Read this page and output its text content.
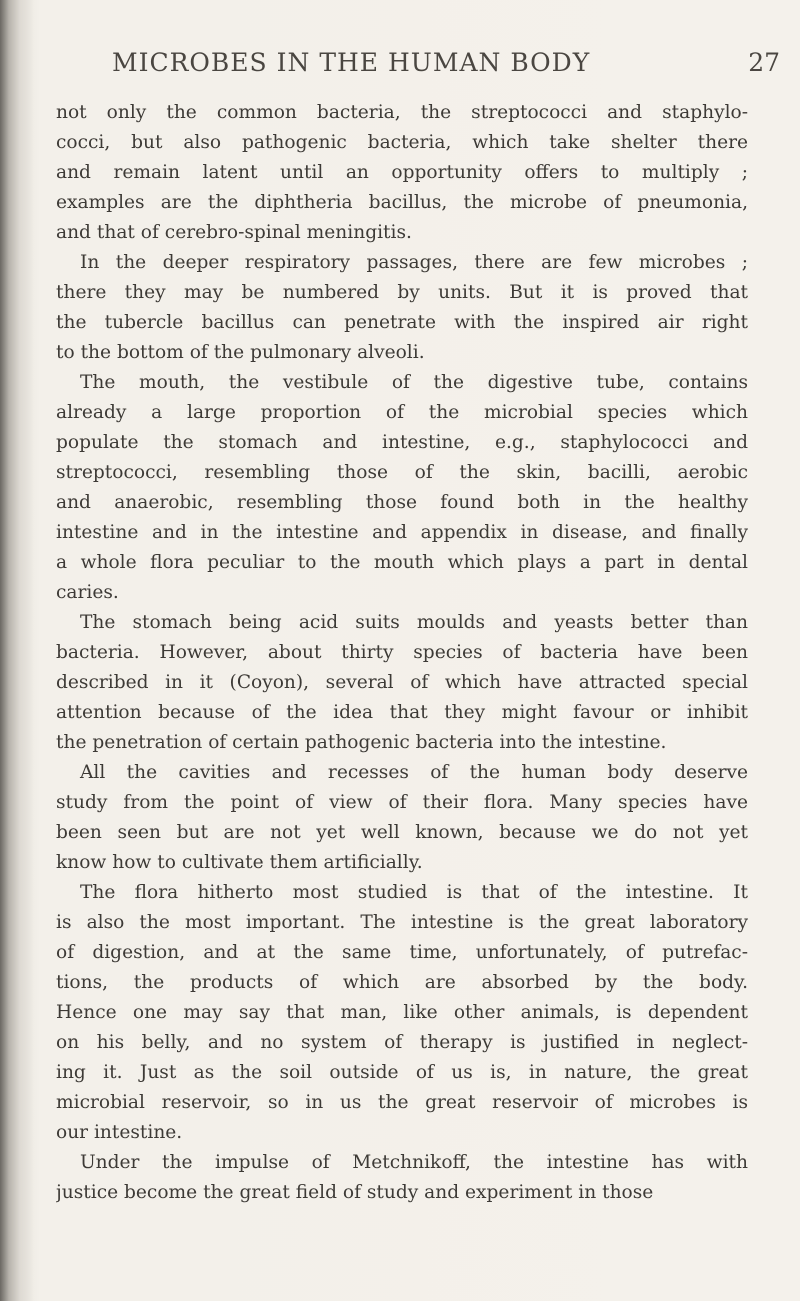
MICROBES IN THE HUMAN BODY	27
not only the common bacteria, the streptococci and staphylo-
cocci, but also pathogenic bacteria, which take shelter there
and remain latent until an opportunity offers to multiply ;
examples are the diphtheria bacillus, the microbe of pneumonia,
and that of cerebro-spinal meningitis.
In the deeper respiratory passages, there are few microbes ;
there they may be numbered by units. But it is proved that
the tubercle bacillus can penetrate with the inspired air right
to the bottom of the pulmonary alveoli.
The mouth, the vestibule of the digestive tube, contains
already a large proportion of the microbial species which
populate the stomach and intestine, e.g., staphylococci and
streptococci, resembling those of the skin, bacilli, aerobic
and anaerobic, resembling those found both in the healthy
intestine and in the intestine and appendix in disease, and finally
a whole flora peculiar to the mouth which plays a part in dental
caries.
The stomach being acid suits moulds and yeasts better than
bacteria. However, about thirty species of bacteria have been
described in it (Coyon), several of which have attracted special
attention because of the idea that they might favour or inhibit
the penetration of certain pathogenic bacteria into the intestine.
All the cavities and recesses of the human body deserve
study from the point of view of their flora. Many species have
been seen but are not yet well known, because we do not yet
know how to cultivate them artificially.
The flora hitherto most studied is that of the intestine. It
is also the most important. The intestine is the great laboratory
of digestion, and at the same time, unfortunately, of putrefac-
tions, the products of which are absorbed by the body.
Hence one may say that man, like other animals, is dependent
on his belly, and no system of therapy is justified in neglect-
ing it. Just as the soil outside of us is, in nature, the great
microbial reservoir, so in us the great reservoir of microbes is
our intestine.
Under the impulse of Metchnikoff, the intestine has with
justice become the great field of study and experiment in those
